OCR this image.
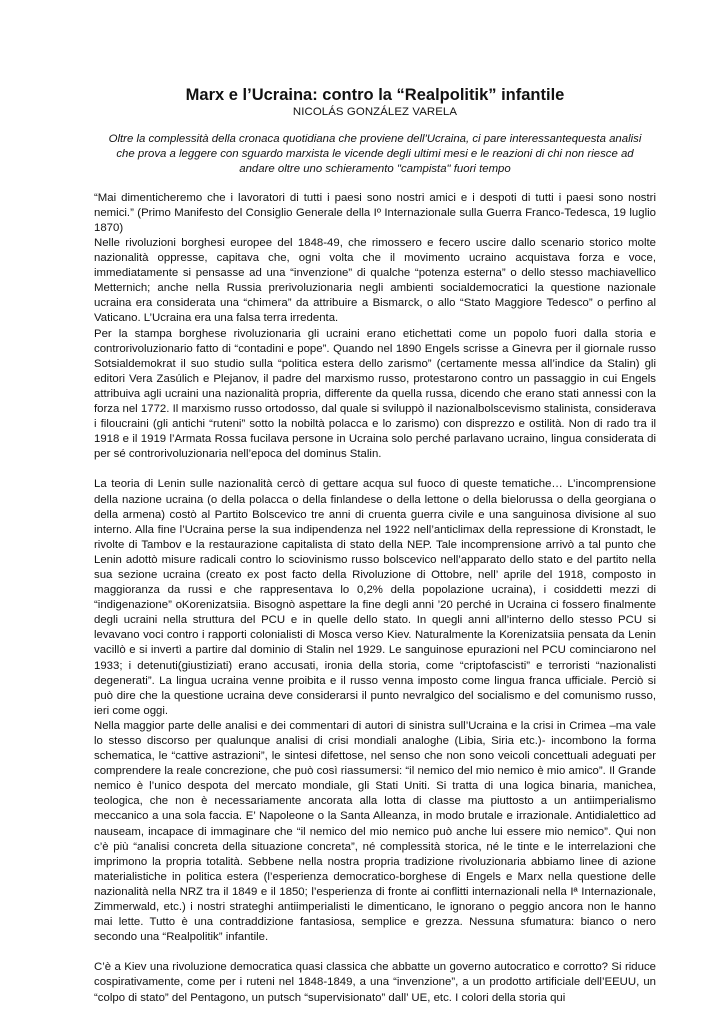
Marx e l’Ucraina: contro la “Realpolitik” infantile
NICOLÁS GONZÁLEZ VARELA

Oltre la complessità della cronaca quotidiana che proviene dell'Ucraina, ci pare interessantequesta analisi che prova a leggere con sguardo marxista le vicende degli ultimi mesi e le reazioni di chi non riesce ad andare oltre uno schieramento "campista" fuori tempo

“Mai dimenticheremo che i lavoratori di tutti i paesi sono nostri amici e i despoti di tutti i paesi sono nostri nemici.” (Primo Manifesto del Consiglio Generale della Iº Internazionale sulla Guerra Franco-Tedesca, 19 luglio 1870)

Nelle rivoluzioni borghesi europee del 1848-49, che rimossero e fecero uscire dallo scenario storico molte nazionalità oppresse, capitava che, ogni volta che il movimento ucraino acquistava forza e voce, immediatamente si pensasse ad una “invenzione” di qualche “potenza esterna” o dello stesso machiavellico Metternich; anche nella Russia prerivoluzionaria negli ambienti socialdemocratici la questione nazionale ucraina era considerata una “chimera” da attribuire a Bismarck, o allo “Stato Maggiore Tedesco” o perfino al Vaticano. L’Ucraina era una falsa terra irredenta.

Per la stampa borghese rivoluzionaria gli ucraini erano etichettati come un popolo fuori dalla storia e controrivoluzionario fatto di “contadini e pope”. Quando nel 1890 Engels scrisse a Ginevra per il giornale russo Sotsialdemokrat il suo studio sulla “politica estera dello zarismo” (certamente messa all’indice da Stalin) gli editori Vera Zasúlich e Plejanov, il padre del marxismo russo, protestarono contro un passaggio in cui Engels attribuiva agli ucraini una nazionalità propria, differente da quella russa, dicendo che erano stati annessi con la forza nel 1772. Il marxismo russo ortodosso, dal quale si sviluppò il nazionalbolscevismo stalinista, considerava i filoucraini (gli antichi “ruteni” sotto la nobiltà polacca e lo zarismo) con disprezzo e ostilità. Non di rado tra il 1918 e il 1919 l’Armata Rossa fucilava persone in Ucraina solo perché parlavano ucraino, lingua considerata di per sé controrivoluzionaria nell’epoca del dominus Stalin.

La teoria di Lenin sulle nazionalità cercò di gettare acqua sul fuoco di queste tematiche… L’incomprensione della nazione ucraina (o della polacca o della finlandese o della lettone o della bielorussa o della georgiana o della armena) costò al Partito Bolscevico tre anni di cruenta guerra civile e una sanguinosa divisione al suo interno. Alla fine l’Ucraina perse la sua indipendenza nel 1922 nell’anticlimax della repressione di Kronstadt, le rivolte di Tambov e la restaurazione capitalista di stato della NEP. Tale incomprensione arrivò a tal punto che Lenin adottò misure radicali contro lo sciovinismo russo bolscevico nell’apparato dello stato e del partito nella sua sezione ucraina (creato ex post facto della Rivoluzione di Ottobre, nell’ aprile del 1918, composto in maggioranza da russi e che rappresentava lo 0,2% della popolazione ucraina), i cosiddetti mezzi di “indigenazione” oKorenizatsiia. Bisognò aspettare la fine degli anni ’20 perché in Ucraina ci fossero finalmente degli ucraini nella struttura del PCU e in quelle dello stato. In quegli anni all’interno dello stesso PCU si levavano voci contro i rapporti colonialisti di Mosca verso Kiev. Naturalmente la Korenizatsiia pensata da Lenin vacillò e si invertì a partire dal dominio di Stalin nel 1929. Le sanguinose epurazioni nel PCU cominciarono nel 1933; i detenuti(giustiziati) erano accusati, ironia della storia, come “criptofascisti” e terroristi “nazionalisti degenerati”. La lingua ucraina venne proibita e il russo venna imposto come lingua franca ufficiale. Perciò si può dire che la questione ucraina deve considerarsi il punto nevralgico del socialismo e del comunismo russo, ieri come oggi.

Nella maggior parte delle analisi e dei commentari di autori di sinistra sull’Ucraina e la crisi in Crimea –ma vale lo stesso discorso per qualunque analisi di crisi mondiali analoghe (Libia, Siria etc.)- incombono la forma schematica, le “cattive astrazioni”, le sintesi difettose, nel senso che non sono veicoli concettuali adeguati per comprendere la reale concrezione, che può così riassumersi: “il nemico del mio nemico è mio amico”. Il Grande nemico è l’unico despota del mercato mondiale, gli Stati Uniti. Si tratta di una logica binaria, manichea, teologica, che non è necessariamente ancorata alla lotta di classe ma piuttosto a un antiimperialismo meccanico a una sola faccia. E’ Napoleone o la Santa Alleanza, in modo brutale e irrazionale. Antidialettico ad nauseam, incapace di immaginare che “il nemico del mio nemico può anche lui essere mio nemico”. Qui non c’è più “analisi concreta della situazione concreta”, né complessità storica, né le tinte e le interrelazioni che imprimono la propria totalità. Sebbene nella nostra propria tradizione rivoluzionaria abbiamo linee di azione materialistiche in politica estera (l’esperienza democratico-borghese di Engels e Marx nella questione delle nazionalità nella NRZ tra il 1849 e il 1850; l’esperienza di fronte ai conflitti internazionali nella Iª Internazionale, Zimmerwald, etc.) i nostri strateghi antiimperialisti le dimenticano, le ignorano o peggio ancora non le hanno mai lette. Tutto è una contraddizione fantasiosa, semplice e grezza. Nessuna sfumatura: bianco o nero secondo una “Realpolitik” infantile.

C’è a Kiev una rivoluzione democratica quasi classica che abbatte un governo autocratico e corrotto? Si riduce cospirativamente, come per i ruteni nel 1848-1849, a una “invenzione”, a un prodotto artificiale dell’EEUU, un “colpo di stato” del Pentagono, un putsch “supervisionato” dall’ UE, etc. I colori della storia qui
